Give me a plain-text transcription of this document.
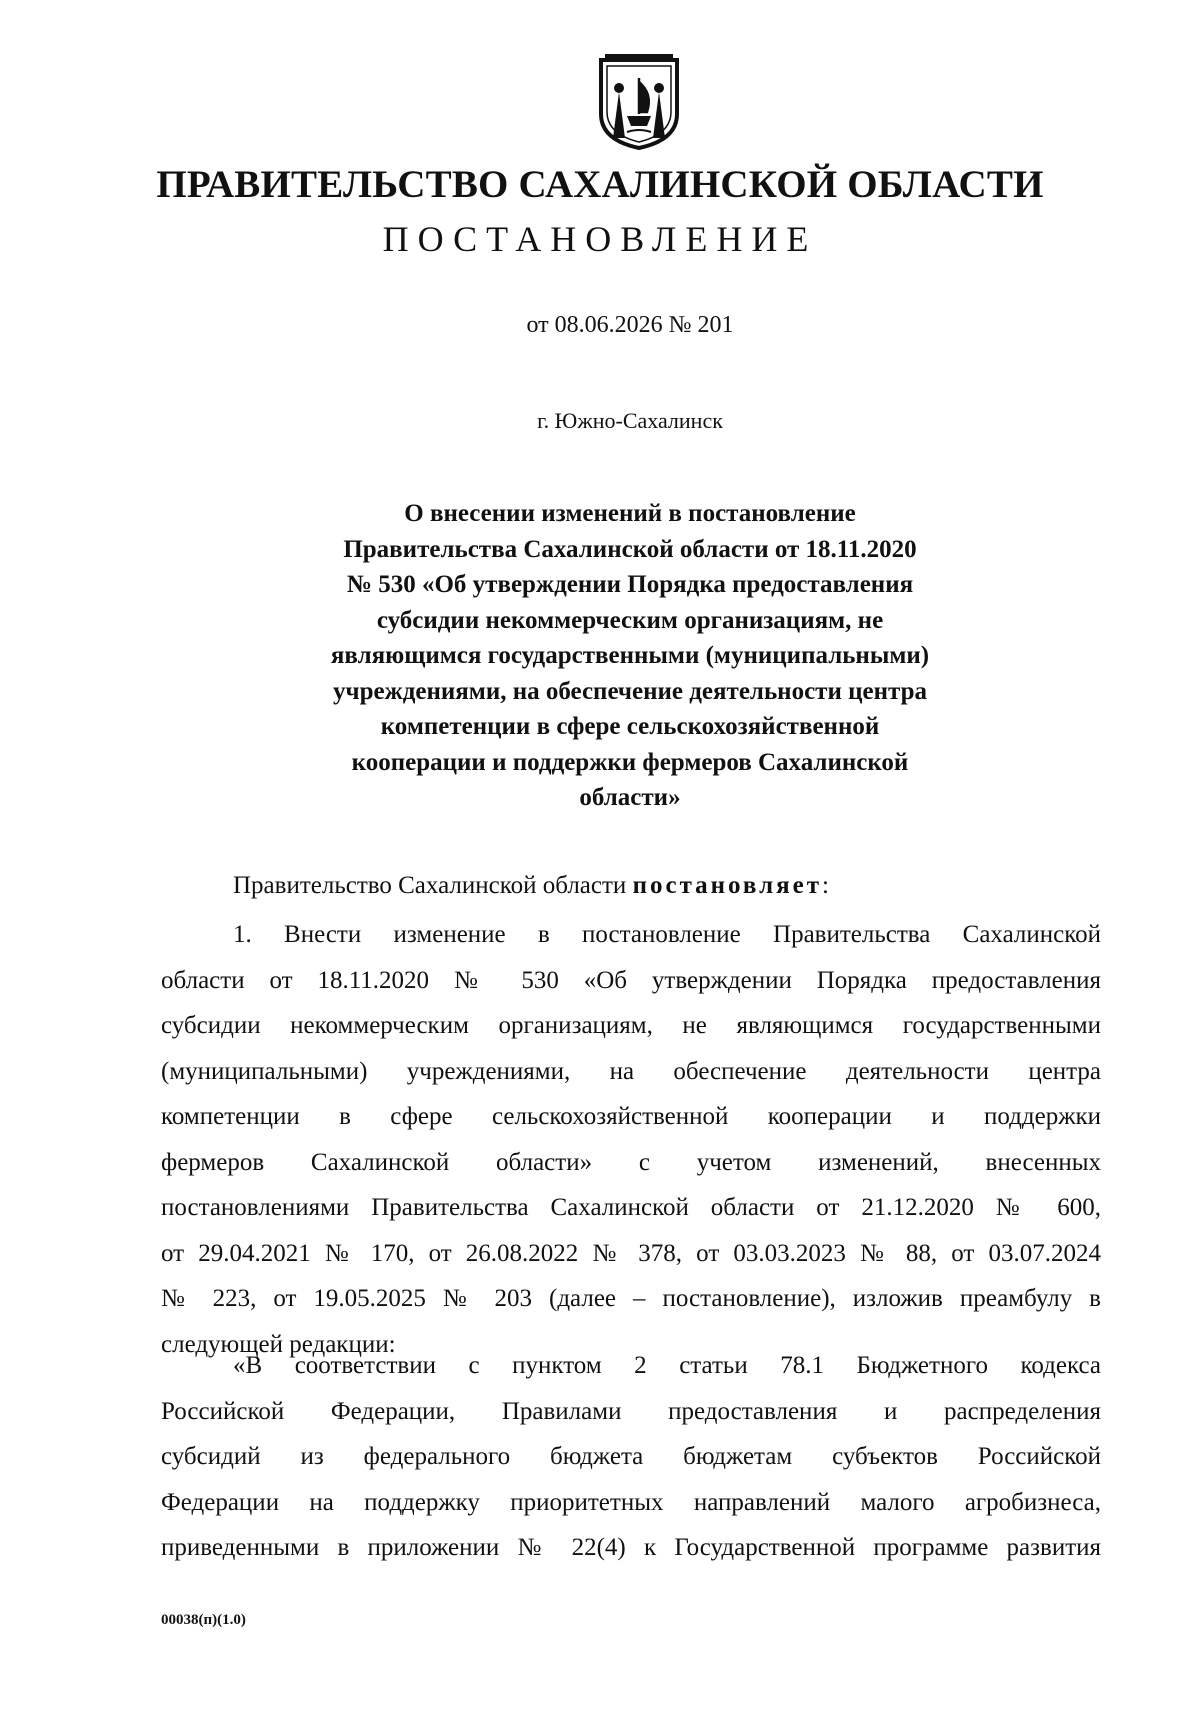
ПРАВИТЕЛЬСТВО САХАЛИНСКОЙ ОБЛАСТИ
ПОСТАНОВЛЕНИЕ
от 08.06.2026 № 201
г. Южно-Сахалинск
О внесении изменений в постановление
Правительства Сахалинской области от 18.11.2020
№ 530 «Об утверждении Порядка предоставления
субсидии некоммерческим организациям, не
являющимся государственными (муниципальными)
учреждениями, на обеспечение деятельности центра
компетенции в сфере сельскохозяйственной
кооперации и поддержки фермеров Сахалинской
области»
Правительство Сахалинской области постановляет:
1. Внести изменение в постановление Правительства Сахалинской
области от 18.11.2020 № 530 «Об утверждении Порядка предоставления
субсидии некоммерческим организациям, не являющимся государственными
(муниципальными) учреждениями, на обеспечение деятельности центра
компетенции в сфере сельскохозяйственной кооперации и поддержки
фермеров Сахалинской области» с учетом изменений, внесенных
постановлениями Правительства Сахалинской области от 21.12.2020 № 600,
от 29.04.2021 № 170, от 26.08.2022 № 378, от 03.03.2023 № 88, от 03.07.2024
№ 223, от 19.05.2025 № 203 (далее – постановление), изложив преамбулу в
следующей редакции:
«В соответствии с пунктом 2 статьи 78.1 Бюджетного кодекса
Российской Федерации, Правилами предоставления и распределения
субсидий из федерального бюджета бюджетам субъектов Российской
Федерации на поддержку приоритетных направлений малого агробизнеса,
приведенными в приложении № 22(4) к Государственной программе развития
00038(п)(1.0)
